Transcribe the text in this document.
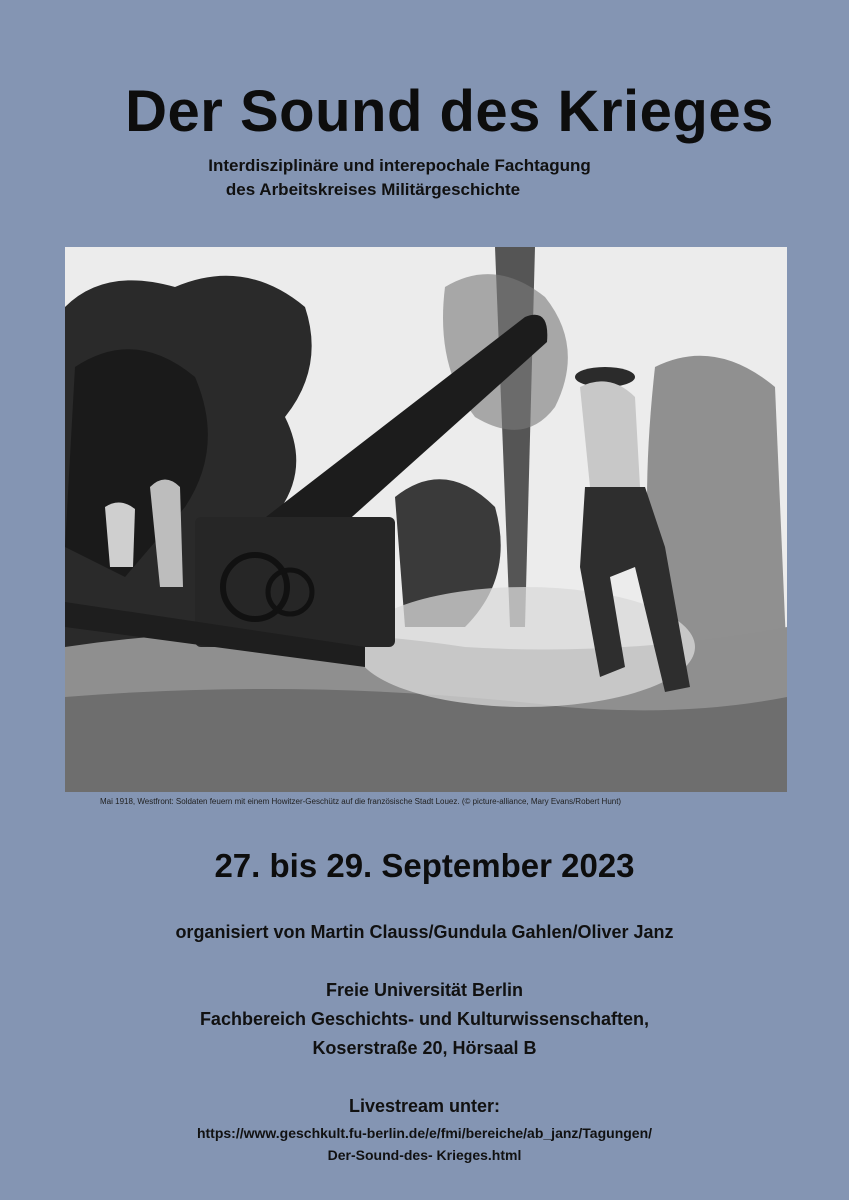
Der Sound des Krieges
Interdisziplinäre und interepochale Fachtagung
des Arbeitskreises Militärgeschichte
Mai 1918, Westfront: Soldaten feuern mit einem Howitzer-Geschütz auf die französische Stadt Louez. (© picture-alliance, Mary Evans/Robert Hunt)
27. bis 29. September 2023
organisiert von Martin Clauss/Gundula Gahlen/Oliver Janz
Freie Universität Berlin
Fachbereich Geschichts- und Kulturwissenschaften,
Koserstraße 20, Hörsaal B
Livestream unter:
https://www.geschkult.fu-berlin.de/e/fmi/bereiche/ab_janz/Tagungen/
Der-Sound-des- Krieges.html
